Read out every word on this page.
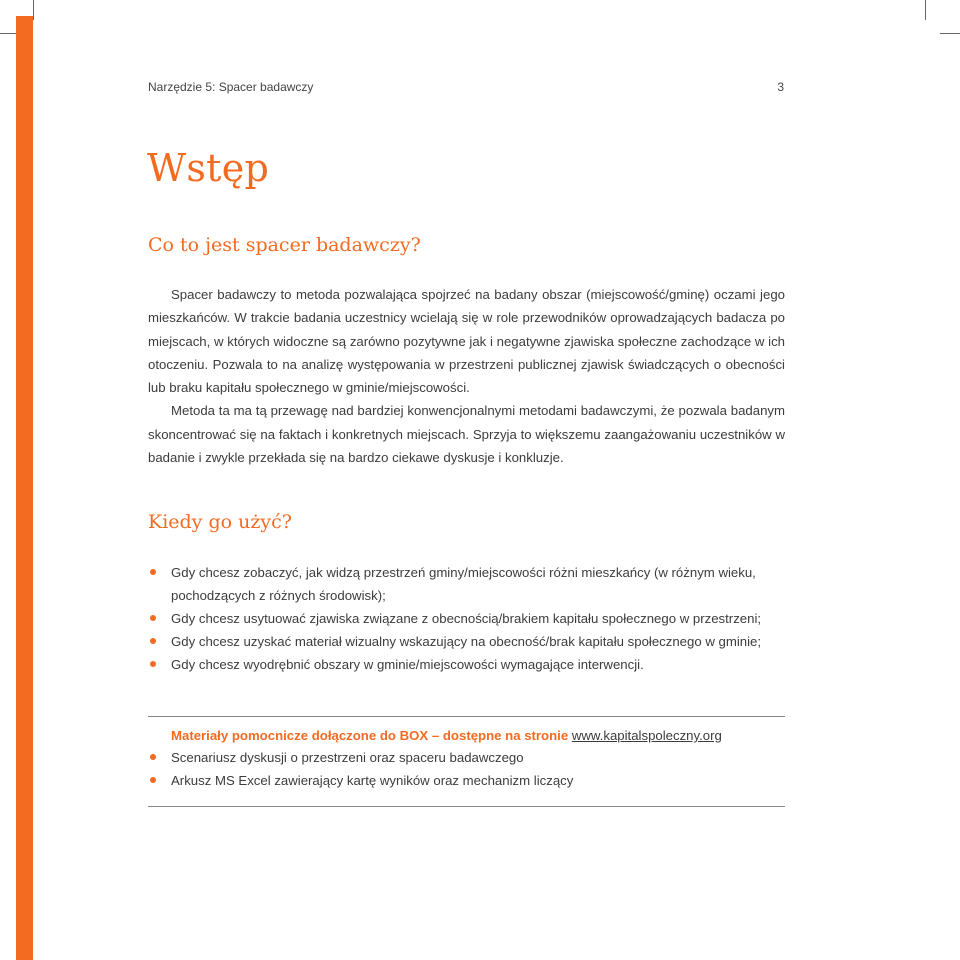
Narzędzie 5: Spacer badawczy	3
Wstęp
Co to jest spacer badawczy?

Spacer badawczy to metoda pozwalająca spojrzeć na badany obszar (miejscowość/gminę) oczami jego mieszkańców. W trakcie badania uczestnicy wcielają się w role przewodników oprowadzających badacza po miejscach, w których widoczne są zarówno pozytywne jak i negatywne zjawiska społeczne zachodzące w ich otoczeniu. Pozwala to na analizę występowania w przestrzeni publicznej zjawisk świadczących o obecności lub braku kapitału społecznego w gminie/miejscowości.

Metoda ta ma tą przewagę nad bardziej konwencjonalnymi metodami badawczymi, że pozwala badanym skoncentrować się na faktach i konkretnych miejscach. Sprzyja to większemu zaangażowaniu uczestników w badanie i zwykle przekłada się na bardzo ciekawe dyskusje i konkluzje.

Kiedy go użyć?
Gdy chcesz zobaczyć, jak widzą przestrzeń gminy/miejscowości różni mieszkańcy (w różnym wieku, pochodzących z różnych środowisk);
Gdy chcesz usytuować zjawiska związane z obecnością/brakiem kapitału społecznego w przestrzeni;
Gdy chcesz uzyskać materiał wizualny wskazujący na obecność/brak kapitału społecznego w gminie;
Gdy chcesz wyodrębnić obszary w gminie/miejscowości wymagające interwencji.
Materiały pomocnicze dołączone do BOX – dostępne na stronie www.kapitalspoleczny.org
Scenariusz dyskusji o przestrzeni oraz spaceru badawczego
Arkusz MS Excel zawierający kartę wyników oraz mechanizm liczący
